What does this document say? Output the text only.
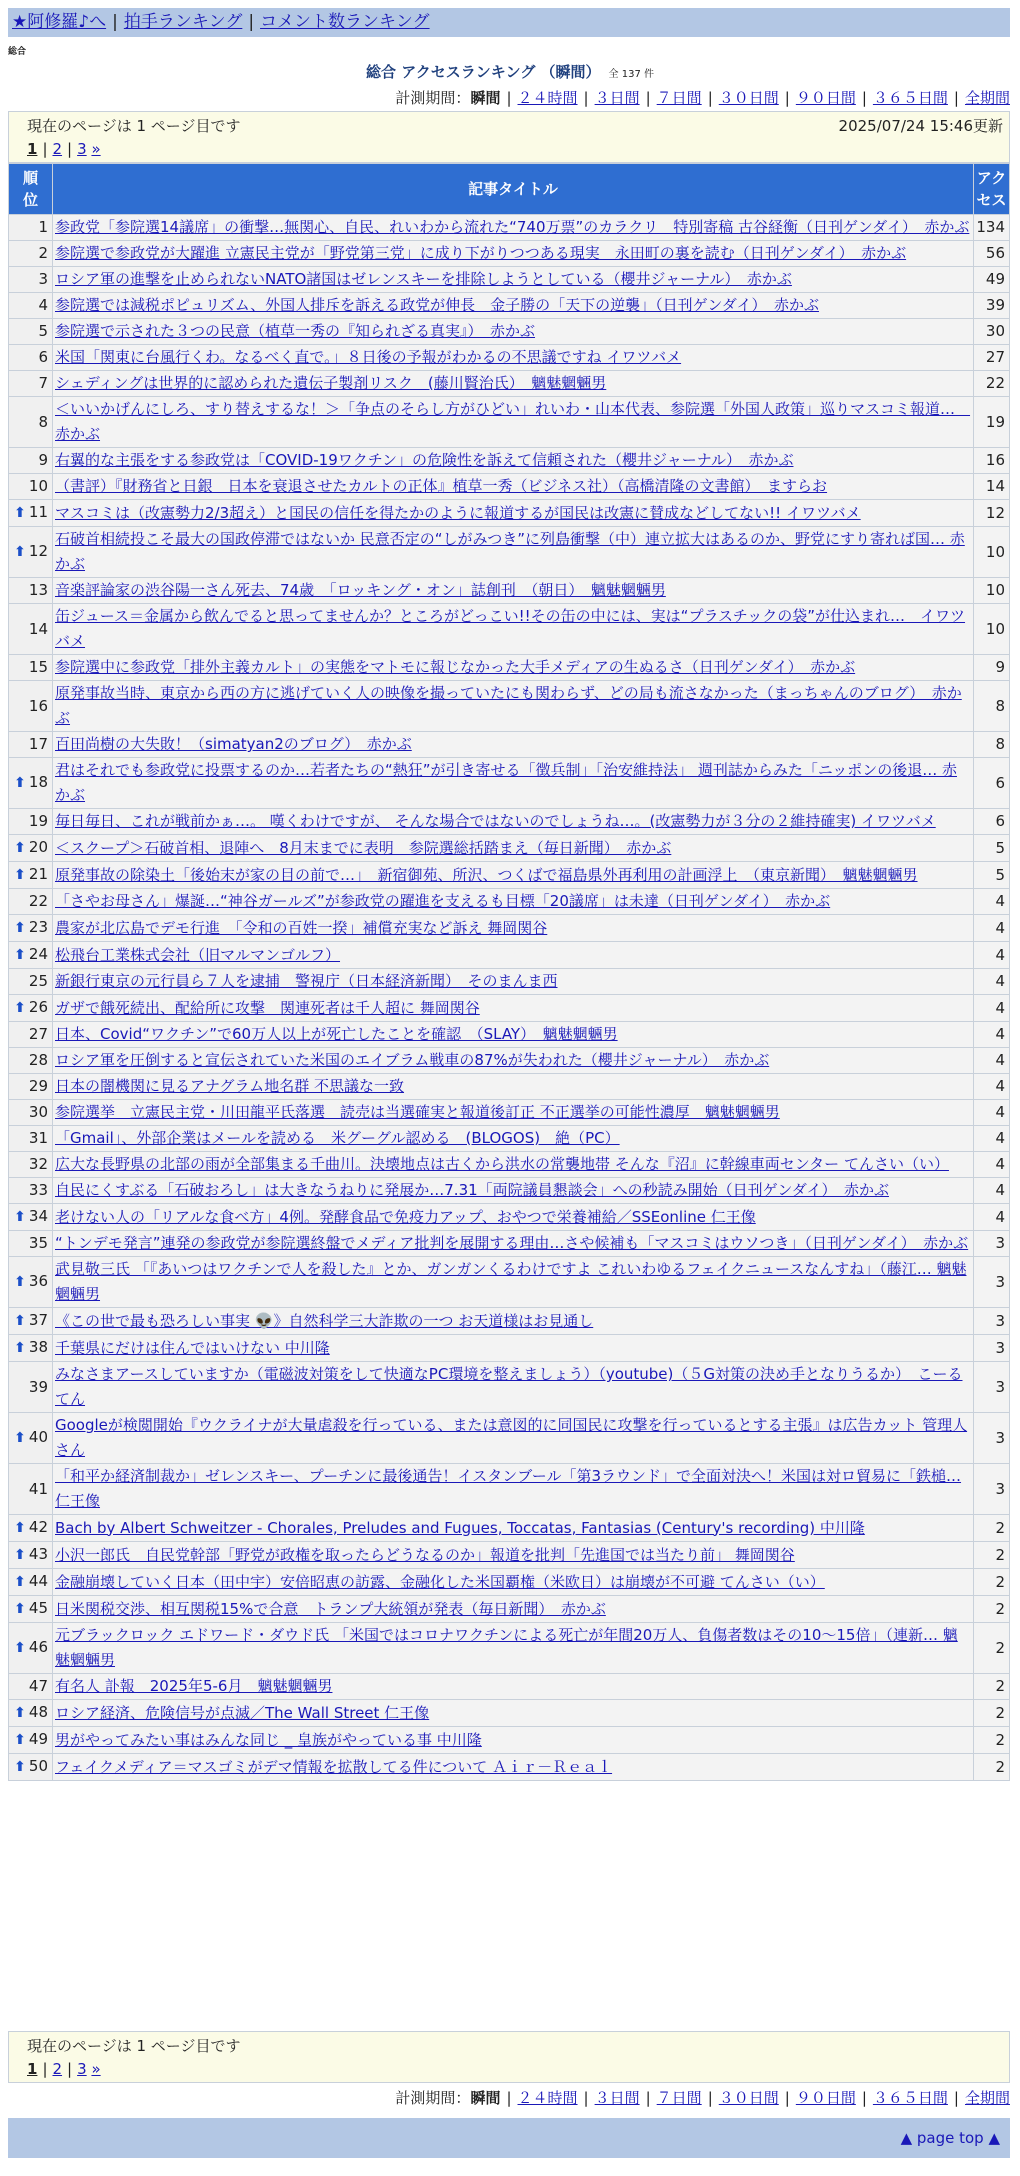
★阿修羅♪へ | 拍手ランキング | コメント数ランキング
総合
総合 アクセスランキング （瞬間） 全 137 件
計測期間：瞬間 | ２４時間 | ３日間 | ７日間 | ３０日間 | ９０日間 | ３６５日間 | 全期間
現在のページは 1 ページ目です	2025/07/24 15:46更新
1 | 2 | 3 »
順位	記事タイトル	アクセス
1	参政党「参院選14議席」の衝撃…無関心、自民、れいわから流れた“740万票”のカラクリ　特別寄稿 古谷経衡（日刊ゲンダイ）　赤かぶ	134
2	参院選で参政党が大躍進 立憲民主党が「野党第三党」に成り下がりつつある現実　永田町の裏を読む（日刊ゲンダイ）　赤かぶ	56
3	ロシア軍の進撃を止められないNATO諸国はゼレンスキーを排除しようとしている（櫻井ジャーナル）　赤かぶ	49
4	参院選では減税ポピュリズム、外国人排斥を訴える政党が伸長　金子勝の「天下の逆襲」（日刊ゲンダイ）　赤かぶ	39
5	参院選で示された３つの民意（植草一秀の『知られざる真実』）　赤かぶ	30
6	米国「関東に台風行くわ。なるべく直で。」８日後の予報がわかるの不思議ですね イワツバメ	27
7	シェディングは世界的に認められた遺伝子製剤リスク　(藤川賢治氏）　魑魅魍魎男	22
8	＜いいかげんにしろ、すり替えするな！＞「争点のそらし方がひどい」れいわ・山本代表、参院選「外国人政策」巡りマスコミ報道…　赤かぶ	19
9	右翼的な主張をする参政党は「COVID-19ワクチン」の危険性を訴えて信頼された（櫻井ジャーナル）　赤かぶ	16
10	（書評）『財務省と日銀　日本を衰退させたカルトの正体』植草一秀（ビジネス社）（高橋清隆の文書館）　ますらお	14
⬆ 11	マスコミは（改憲勢力2/3超え）と国民の信任を得たかのように報道するが国民は改憲に賛成などしてない!! イワツバメ	12
⬆ 12	石破首相続投こそ最大の国政停滞ではないか 民意否定の“しがみつき”に列島衝撃（中）連立拡大はあるのか、野党にすり寄れば国… 赤かぶ	10
13	音楽評論家の渋谷陽一さん死去、74歳　「ロッキング・オン」誌創刊　（朝日）　魑魅魍魎男	10
14	缶ジュース＝金属から飲んでると思ってませんか？ところがどっこい!!その缶の中には、実は“プラスチックの袋”が仕込まれ…　イワツバメ	10
15	参院選中に参政党「排外主義カルト」の実態をマトモに報じなかった大手メディアの生ぬるさ（日刊ゲンダイ）　赤かぶ	9
16	原発事故当時、東京から西の方に逃げていく人の映像を撮っていたにも関わらず、どの局も流さなかった（まっちゃんのブログ）　赤かぶ	8
17	百田尚樹の大失敗！（simatyan2のブログ）　赤かぶ	8
⬆ 18	君はそれでも参政党に投票するのか…若者たちの“熱狂”が引き寄せる「徴兵制」「治安維持法」 週刊誌からみた「ニッポンの後退… 赤かぶ	6
19	毎日毎日、これが戦前かぁ…。 嘆くわけですが、 そんな場合ではないのでしょうね…。(改憲勢力が３分の２維持確実) イワツバメ	6
⬆ 20	＜スクープ＞石破首相、退陣へ　8月末までに表明　参院選総括踏まえ（毎日新聞）　赤かぶ	5
⬆ 21	原発事故の除染土「後始末が家の目の前で…」　新宿御苑、所沢、つくばで福島県外再利用の計画浮上　（東京新聞）　魑魅魍魎男	5
22	「さやお母さん」爆誕…“神谷ガールズ”が参政党の躍進を支えるも目標「20議席」は未達（日刊ゲンダイ）　赤かぶ	4
⬆ 23	農家が北広島でデモ行進　「令和の百姓一揆」補償充実など訴え 舞岡関谷	4
⬆ 24	松飛台工業株式会社（旧マルマンゴルフ）	4
25	新銀行東京の元行員ら７人を逮捕　警視庁（日本経済新聞）　そのまんま西	4
⬆ 26	ガザで餓死続出、配給所に攻撃　関連死者は千人超に 舞岡関谷	4
27	日本、Covid“ワクチン”で60万人以上が死亡したことを確認　（SLAY）　魑魅魍魎男	4
28	ロシア軍を圧倒すると宣伝されていた米国のエイブラム戦車の87%が失われた（櫻井ジャーナル）　赤かぶ	4
29	日本の闇機関に見るアナグラム地名群 不思議な一致	4
30	参院選挙　立憲民主党・川田龍平氏落選　読売は当選確実と報道後訂正 不正選挙の可能性濃厚　魑魅魍魎男	4
31	「Gmail」、外部企業はメールを読める　米グーグル認める　(BLOGOS)　絶（PC）	4
32	広大な長野県の北部の雨が全部集まる千曲川。決壊地点は古くから洪水の常襲地帯 そんな『沼』に幹線車両センター てんさい（い）	4
33	自民にくすぶる「石破おろし」は大きなうねりに発展か…7.31「両院議員懇談会」への秒読み開始（日刊ゲンダイ）　赤かぶ	4
⬆ 34	老けない人の「リアルな食べ方」4例。発酵食品で免疫力アップ、おやつで栄養補給／SSEonline 仁王像	4
35	“トンデモ発言”連発の参政党が参院選終盤でメディア批判を展開する理由…さや候補も「マスコミはウソつき」（日刊ゲンダイ）　赤かぶ	3
⬆ 36	武見敬三氏 「『あいつはワクチンで人を殺した』とか、ガンガンくるわけですよ これいわゆるフェイクニュースなんすね」（藤江… 魑魅魍魎男	3
⬆ 37	《この世で最も恐ろしい事実 👽》自然科学三大詐欺の一つ お天道様はお見通し	3
⬆ 38	千葉県にだけは住んではいけない 中川隆	3
39	みなさまアースしていますか（電磁波対策をして快適なPC環境を整えましょう）（youtube)（５G対策の決め手となりうるか）　こーるてん	3
⬆ 40	Googleが検閲開始『ウクライナが大量虐殺を行っている、または意図的に同国民に攻撃を行っているとする主張』は広告カット 管理人さん	3
41	「和平か経済制裁か」ゼレンスキー、プーチンに最後通告！イスタンブール「第3ラウンド」で全面対決へ！米国は対ロ貿易に「鉄槌… 仁王像	3
⬆ 42	Bach by Albert Schweitzer - Chorales, Preludes and Fugues, Toccatas, Fantasias (Century's recording) 中川隆	2
⬆ 43	小沢一郎氏　自民党幹部「野党が政権を取ったらどうなるのか」報道を批判「先進国では当たり前」 舞岡関谷	2
⬆ 44	金融崩壊していく日本（田中宇）安倍昭恵の訪露、金融化した米国覇権（米欧日）は崩壊が不可避 てんさい（い）	2
⬆ 45	日米関税交渉、相互関税15%で合意　トランプ大統領が発表（毎日新聞）　赤かぶ	2
⬆ 46	元ブラックロック エドワード・ダウド氏 「米国ではコロナワクチンによる死亡が年間20万人、負傷者数はその10～15倍」（連新… 魑魅魍魎男	2
47	有名人 訃報　2025年5-6月　魑魅魍魎男	2
⬆ 48	ロシア経済、危険信号が点滅／The Wall Street 仁王像	2
⬆ 49	男がやってみたい事はみんな同じ _ 皇族がやっている事 中川隆	2
⬆ 50	フェイクメディア＝マスゴミがデマ情報を拡散してる件について Ａｉｒ－Ｒｅａｌ	2
現在のページは 1 ページ目です
1 | 2 | 3 »
計測期間：瞬間 | ２４時間 | ３日間 | ７日間 | ３０日間 | ９０日間 | ３６５日間 | 全期間
▲ page top ▲
